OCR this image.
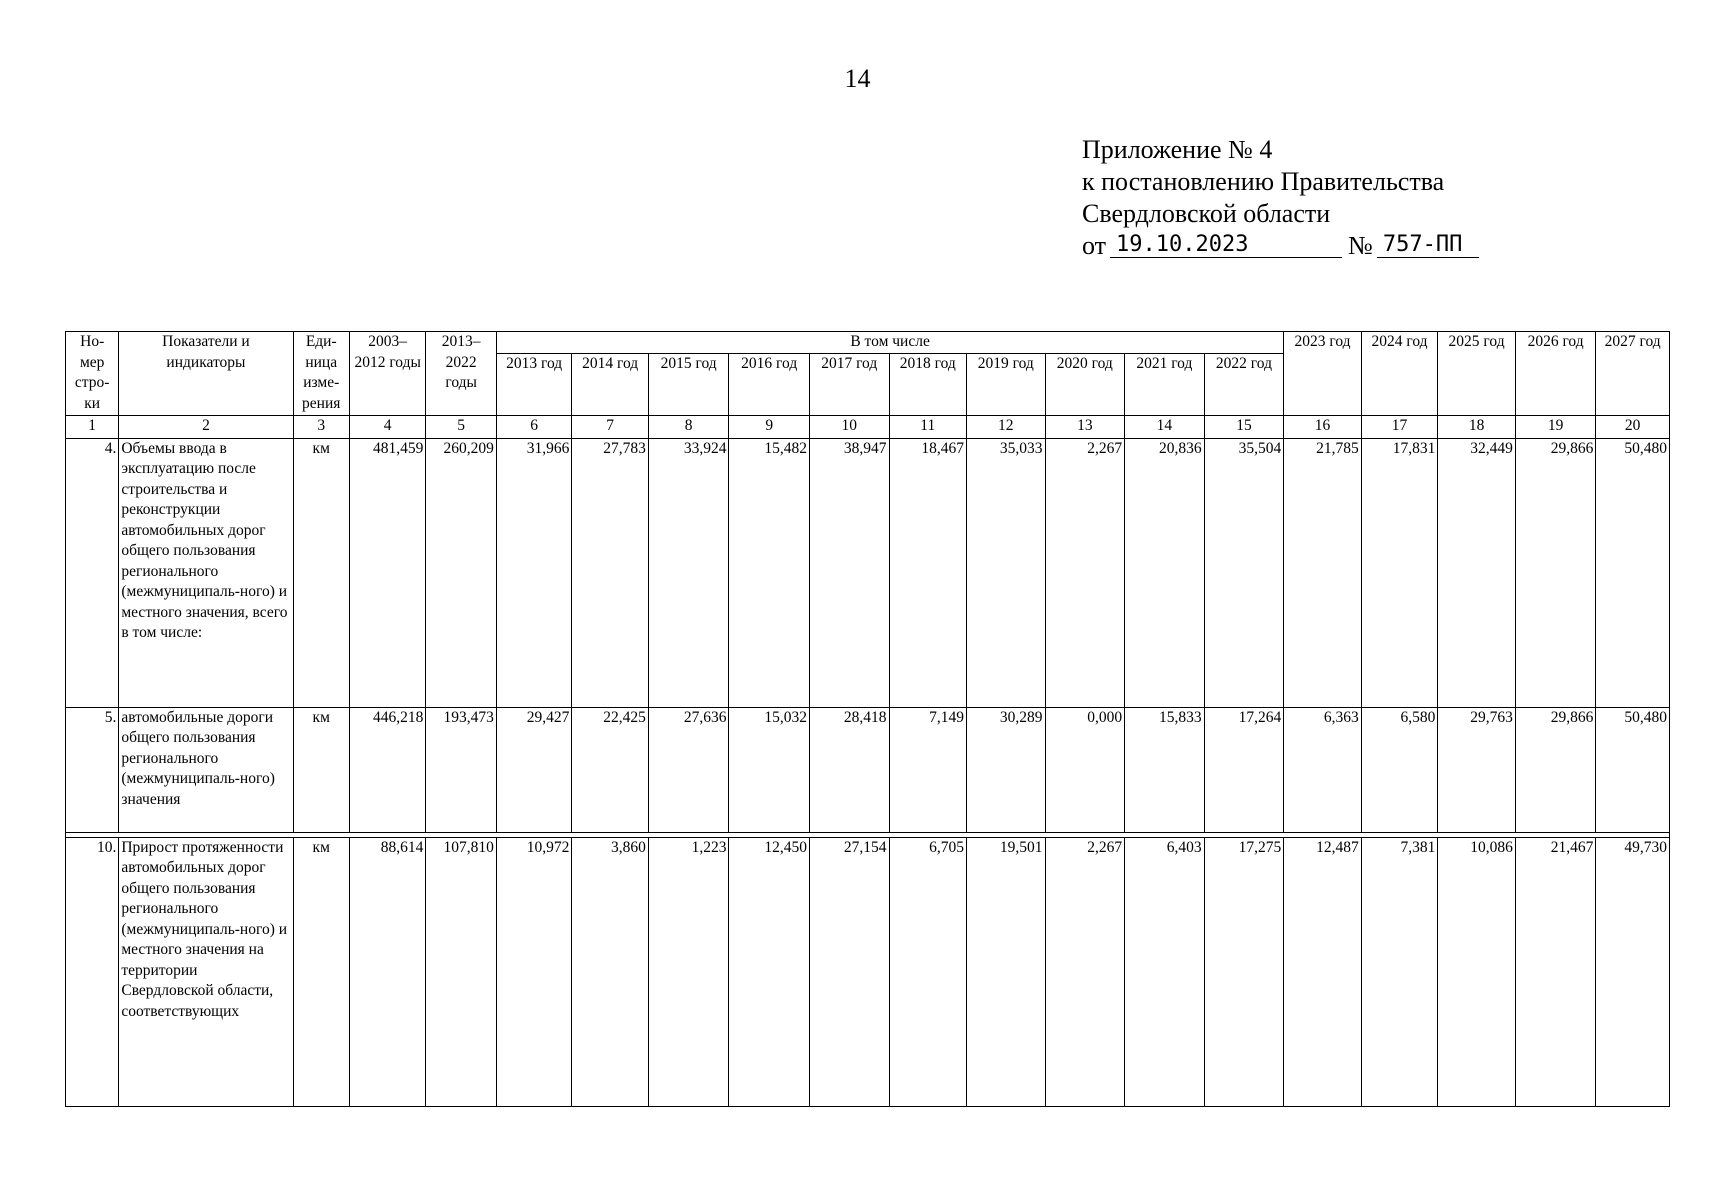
14
Приложение № 4
к постановлению Правительства
Свердловской области
от 19.10.2023	№ 757-ПП
Но-мер стро-ки	Показатели и индикаторы	Еди-ница изме-рения	2003– 2012 годы	2013– 2022 годы	В том числе										2023 год	2024 год	2025 год	2026 год	2027 год
					2013 год	2014 год	2015 год	2016 год	2017 год	2018 год	2019 год	2020 год	2021 год	2022 год					
1	2	3	4	5	6	7	8	9	10	11	12	13	14	15	16	17	18	19	20
4.	Объемы ввода в эксплуатацию после строительства и реконструкции автомобильных дорог общего пользования регионального (межмуниципаль-ного) и местного значения, всего в том числе:	км	481,459	260,209	31,966	27,783	33,924	15,482	38,947	18,467	35,033	2,267	20,836	35,504	21,785	17,831	32,449	29,866	50,480
5.	автомобильные дороги общего пользования регионального (межмуниципаль-ного) значения	км	446,218	193,473	29,427	22,425	27,636	15,032	28,418	7,149	30,289	0,000	15,833	17,264	6,363	6,580	29,763	29,866	50,480

10.	Прирост протяженности автомобильных дорог общего пользования регионального (межмуниципаль-ного) и местного значения на территории Свердловской области, соответствующих	км	88,614	107,810	10,972	3,860	1,223	12,450	27,154	6,705	19,501	2,267	6,403	17,275	12,487	7,381	10,086	21,467	49,730
